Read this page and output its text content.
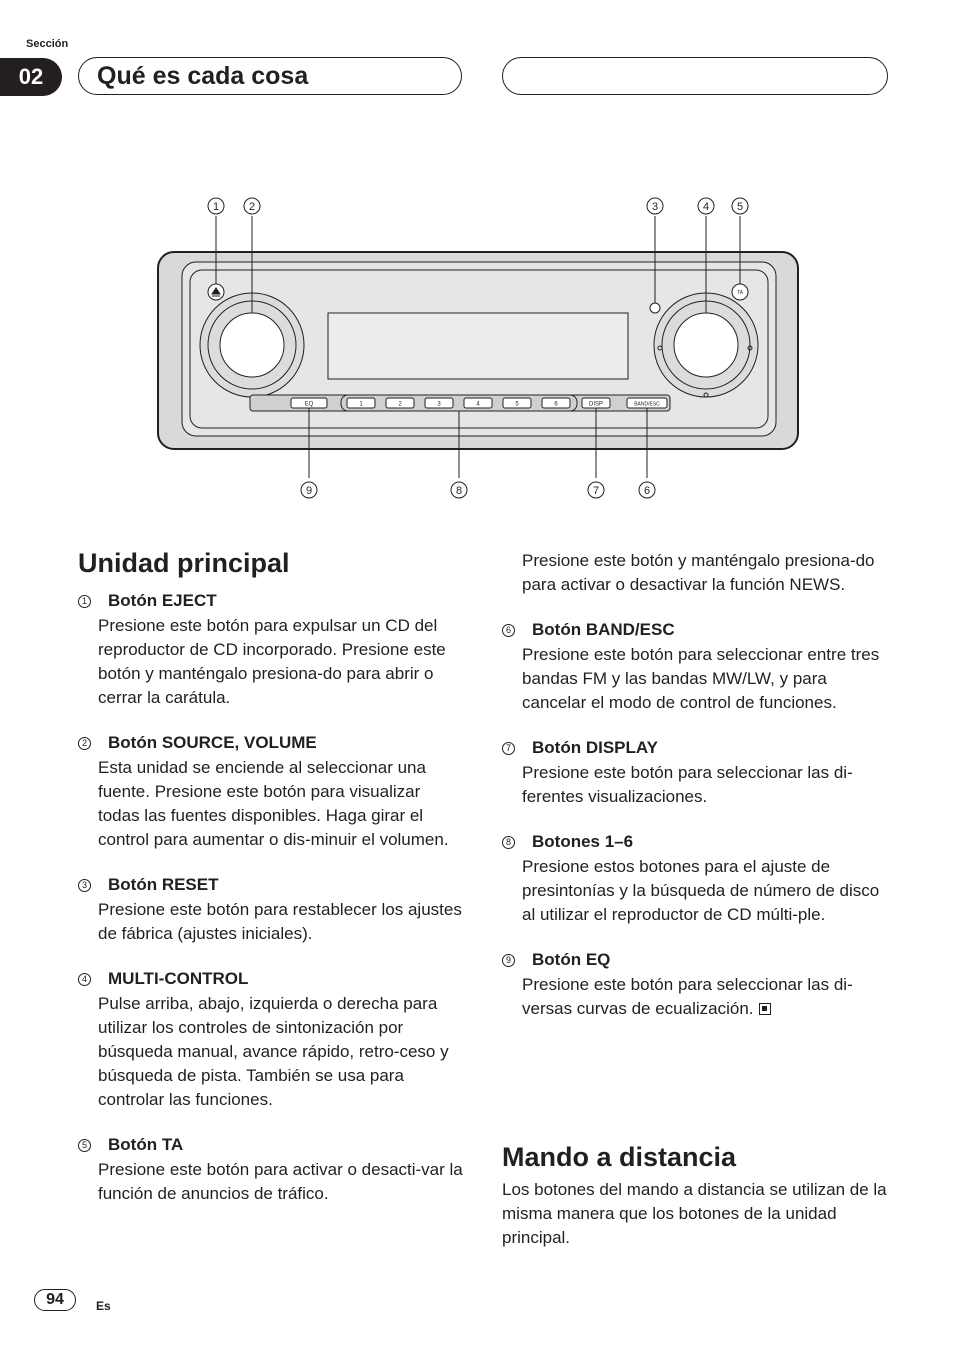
Sección
02	Qué es cada cosa
1	2	3	4	5
9	8	7	6
EQ	1	2	3	4	5	6	DISP	BAND/ESC
TA
Unidad principal
1 Botón EJECT

Presione este botón para expulsar un CD del reproductor de CD incorporado. Presione este botón y manténgalo presiona-do para abrir o cerrar la carátula.

2 Botón SOURCE, VOLUME

Esta unidad se enciende al seleccionar una fuente. Presione este botón para visualizar todas las fuentes disponibles. Haga girar el control para aumentar o dis-minuir el volumen.

3 Botón RESET

Presione este botón para restablecer los ajustes de fábrica (ajustes iniciales).

4 MULTI-CONTROL

Pulse arriba, abajo, izquierda o derecha para utilizar los controles de sintonización por búsqueda manual, avance rápido, retro-ceso y búsqueda de pista. También se usa para controlar las funciones.

5 Botón TA

Presione este botón para activar o desacti-var la función de anuncios de tráfico.

Presione este botón y manténgalo presiona-do para activar o desactivar la función NEWS.

6 Botón BAND/ESC

Presione este botón para seleccionar entre tres bandas FM y las bandas MW/LW, y para cancelar el modo de control de funciones.

7 Botón DISPLAY

Presione este botón para seleccionar las di-ferentes visualizaciones.

8 Botones 1–6

Presione estos botones para el ajuste de presintonías y la búsqueda de número de disco al utilizar el reproductor de CD múlti-ple.

9 Botón EQ

Presione este botón para seleccionar las di-versas curvas de ecualización.

Mando a distancia

Los botones del mando a distancia se utilizan de la misma manera que los botones de la unidad principal.

94	Es
